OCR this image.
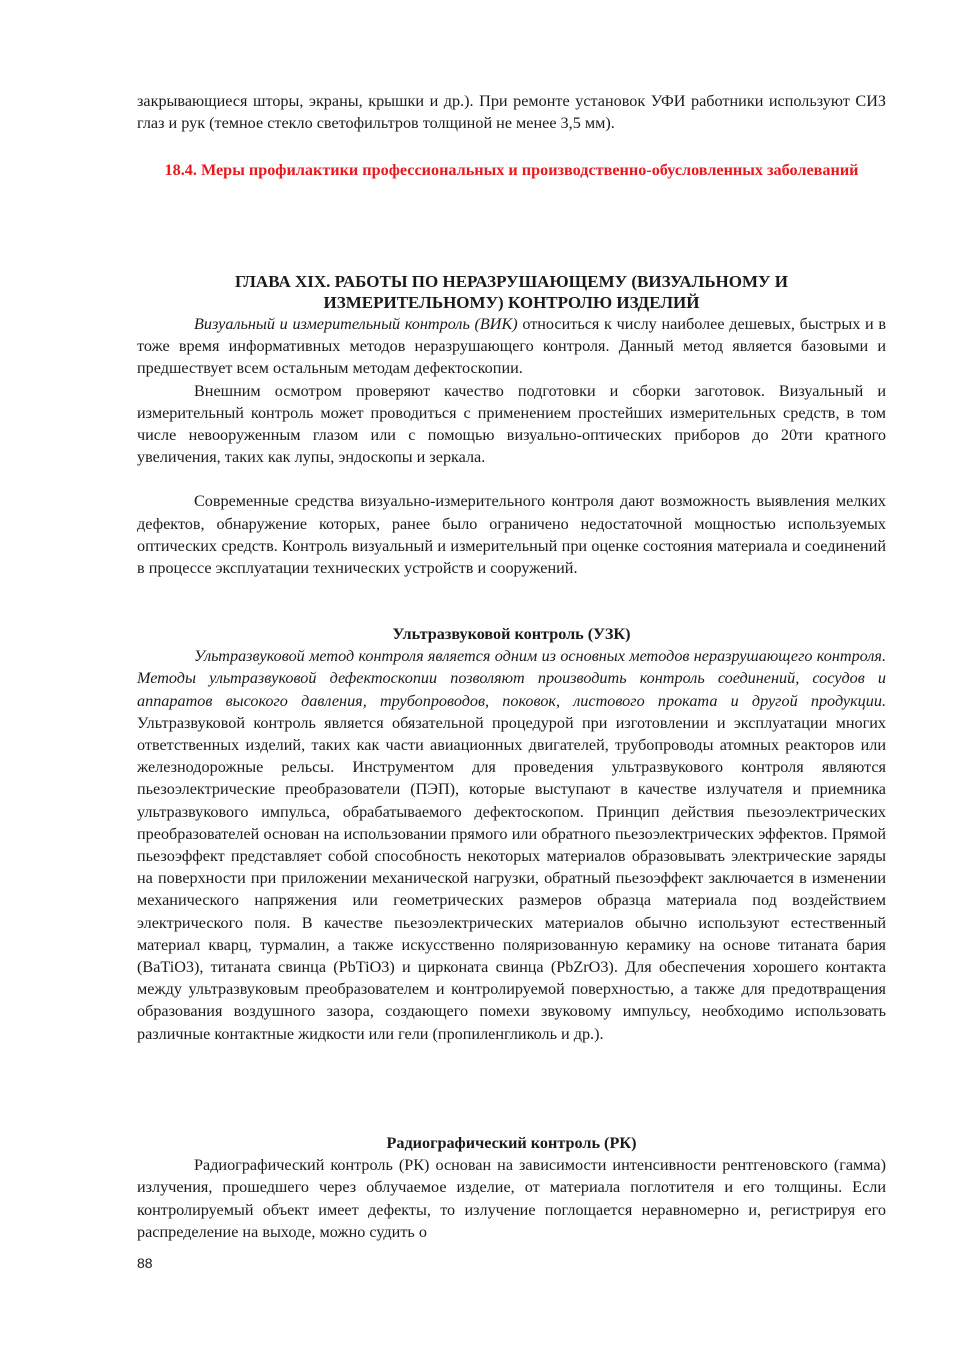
закрывающиеся шторы, экраны, крышки и др.). При ремонте установок УФИ работники используют СИЗ глаз и рук (темное стекло светофильтров толщиной не менее 3,5 мм).

18.4. Меры профилактики профессиональных и производственно-обусловленных заболеваний

ГЛАВА XIX. РАБОТЫ ПО НЕРАЗРУШАЮЩЕМУ (ВИЗУАЛЬНОМУ И

ИЗМЕРИТЕЛЬНОМУ) КОНТРОЛЮ ИЗДЕЛИЙ

Визуальный и измерительный контроль (ВИК) относиться к числу наиболее дешевых, быстрых и в тоже время информативных методов неразрушающего контроля. Данный метод является базовыми и предшествует всем остальным методам дефектоскопии.

Внешним осмотром проверяют качество подготовки и сборки заготовок. Визуальный и измерительный контроль может проводиться с применением простейших измерительных средств, в том числе невооруженным глазом или с помощью визуально-оптических приборов до 20ти кратного увеличения, таких как лупы, эндоскопы и зеркала.

Современные средства визуально-измерительного контроля дают возможность выявления мелких дефектов, обнаружение которых, ранее было ограничено недостаточной мощностью используемых оптических средств. Контроль визуальный и измерительный при оценке состояния материала и соединений в процессе эксплуатации технических устройств и сооружений.

Ультразвуковой контроль (УЗК)

Ультразвуковой метод контроля является одним из основных методов неразрушающего контроля. Методы ультразвуковой дефектоскопии позволяют производить контроль соединений, сосудов и аппаратов высокого давления, трубопроводов, поковок, листового проката и другой продукции. Ультразвуковой контроль является обязательной процедурой при изготовлении и эксплуатации многих ответственных изделий, таких как части авиационных двигателей, трубопроводы атомных реакторов или железнодорожные рельсы. Инструментом для проведения ультразвукового контроля являются пьезоэлектрические преобразователи (ПЭП), которые выступают в качестве излучателя и приемника ультразвукового импульса, обрабатываемого дефектоскопом. Принцип действия пьезоэлектрических преобразователей основан на использовании прямого или обратного пьезоэлектрических эффектов. Прямой пьезоэффект представляет собой способность некоторых материалов образовывать электрические заряды на поверхности при приложении механической нагрузки, обратный пьезоэффект заключается в изменении механического напряжения или геометрических размеров образца материала под воздействием электрического поля. В качестве пьезоэлектрических материалов обычно используют естественный материал кварц, турмалин, а также искусственно поляризованную керамику на основе титаната бария (BaTiO3), титаната свинца (PbTiO3) и цирконата свинца (PbZrO3). Для обеспечения хорошего контакта между ультразвуковым преобразователем и контролируемой поверхностью, а также для предотвращения образования воздушного зазора, создающего помехи звуковому импульсу, необходимо использовать различные контактные жидкости или гели (пропиленгликоль и др.).

Радиографический контроль (РК)

Радиографический контроль (РК) основан на зависимости интенсивности рентгеновского (гамма) излучения, прошедшего через облучаемое изделие, от материала поглотителя и его толщины. Если контролируемый объект имеет дефекты, то излучение поглощается неравномерно и, регистрируя его распределение на выходе, можно судить о

88
